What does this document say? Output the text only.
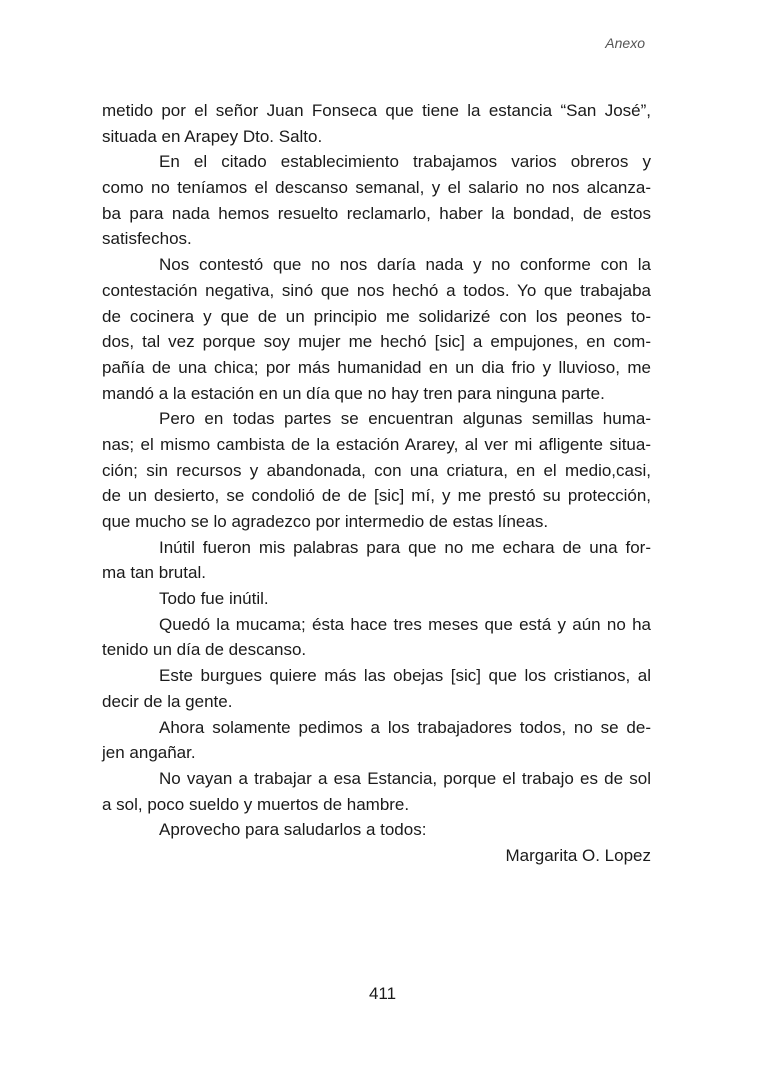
Anexo
metido por el señor Juan Fonseca que tiene la estancia “San José”,
situada en Arapey Dto. Salto.
En el citado establecimiento trabajamos varios obreros y
como no teníamos el descanso semanal, y el salario no nos alcanza-
ba para nada hemos resuelto reclamarlo, haber la bondad, de estos
satisfechos.
Nos contestó que no nos daría nada y no conforme con la
contestación negativa, sinó que nos hechó a todos. Yo que trabajaba
de cocinera y que de un principio me solidarizé con los peones to-
dos, tal vez porque soy mujer me hechó [sic] a empujones, en com-
pañía de una chica; por más humanidad en un dia frio y lluvioso, me
mandó a la estación en un día que no hay tren para ninguna parte.
Pero en todas partes se encuentran algunas semillas huma-
nas; el mismo cambista de la estación Ararey, al ver mi afligente situa-
ción; sin recursos y abandonada, con una criatura, en el medio,casi,
de un desierto, se condolió de de [sic] mí, y me prestó su protección,
que mucho se lo agradezco por intermedio de estas líneas.
Inútil fueron mis palabras para que no me echara de una for-
ma tan brutal.
Todo fue inútil.
Quedó la mucama; ésta hace tres meses que está y aún no ha
tenido un día de descanso.
Este burgues quiere más las obejas [sic] que los cristianos, al
decir de la gente.
Ahora solamente pedimos a los trabajadores todos, no se de-
jen angañar.
No vayan a trabajar a esa Estancia, porque el trabajo es de sol
a sol, poco sueldo y muertos de hambre.
Aprovecho para saludarlos a todos:
Margarita O. Lopez
411
